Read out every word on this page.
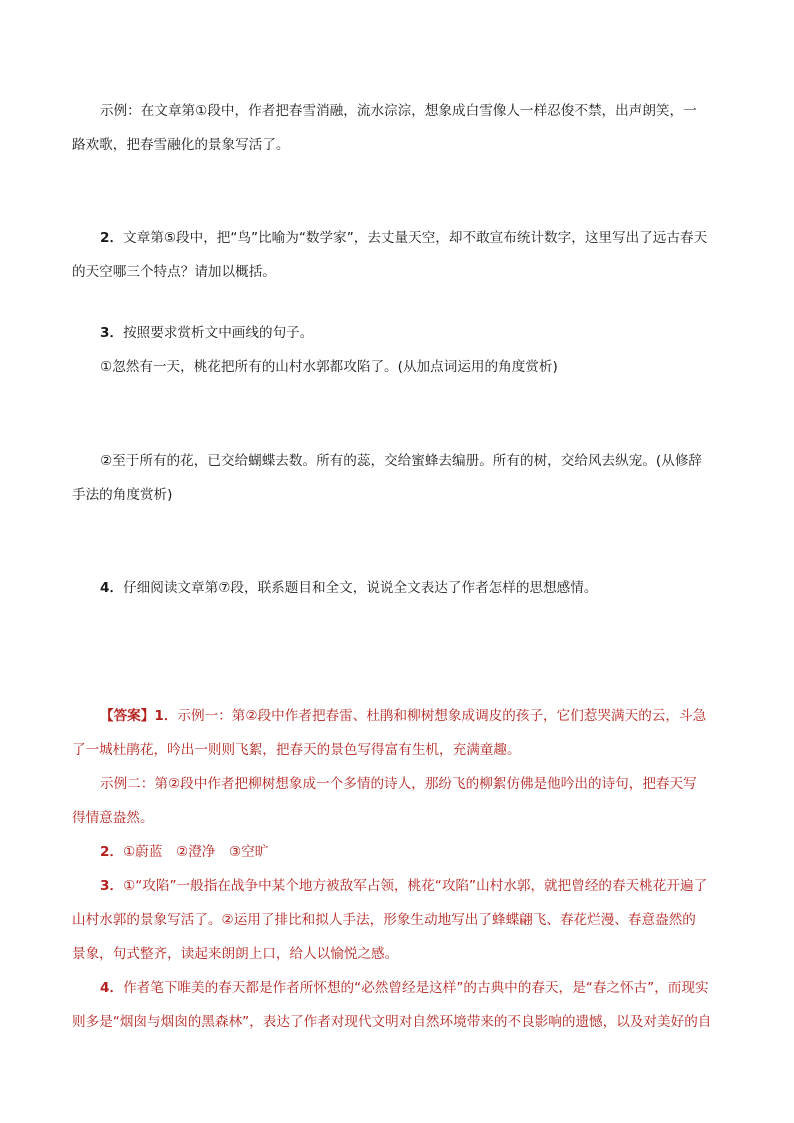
示例：在文章第①段中，作者把春雪消融，流水淙淙，想象成白雪像人一样忍俊不禁，出声朗笑，一
路欢歌，把春雪融化的景象写活了。

2．文章第⑤段中，把“鸟”比喻为“数学家”，去丈量天空，却不敢宣布统计数字，这里写出了远古春天
的天空哪三个特点？请加以概括。

3．按照要求赏析文中画线的句子。
①忽然有一天，桃花把所有的山村水郭都攻陷了。(从加点词运用的角度赏析)

②至于所有的花，已交给蝴蝶去数。所有的蕊，交给蜜蜂去编册。所有的树，交给风去纵宠。(从修辞
手法的角度赏析)

4．仔细阅读文章第⑦段，联系题目和全文，说说全文表达了作者怎样的思想感情。

【答案】1．示例一：第②段中作者把春雷、杜鹃和柳树想象成调皮的孩子，它们惹哭满天的云，斗急
了一城杜鹃花，吟出一则则飞絮，把春天的景色写得富有生机，充满童趣。
示例二：第②段中作者把柳树想象成一个多情的诗人，那纷飞的柳絮仿佛是他吟出的诗句，把春天写
得情意盎然。
2．①蔚蓝　②澄净　③空旷
3．①“攻陷”一般指在战争中某个地方被敌军占领，桃花“攻陷”山村水郭，就把曾经的春天桃花开遍了
山村水郭的景象写活了。②运用了排比和拟人手法，形象生动地写出了蜂蝶翩飞、春花烂漫、春意盎然的
景象，句式整齐，读起来朗朗上口，给人以愉悦之感。
4．作者笔下唯美的春天都是作者所怀想的“必然曾经是这样”的古典中的春天，是“春之怀古”，而现实
则多是“烟囱与烟囱的黑森林”，表达了作者对现代文明对自然环境带来的不良影响的遗憾，以及对美好的自
